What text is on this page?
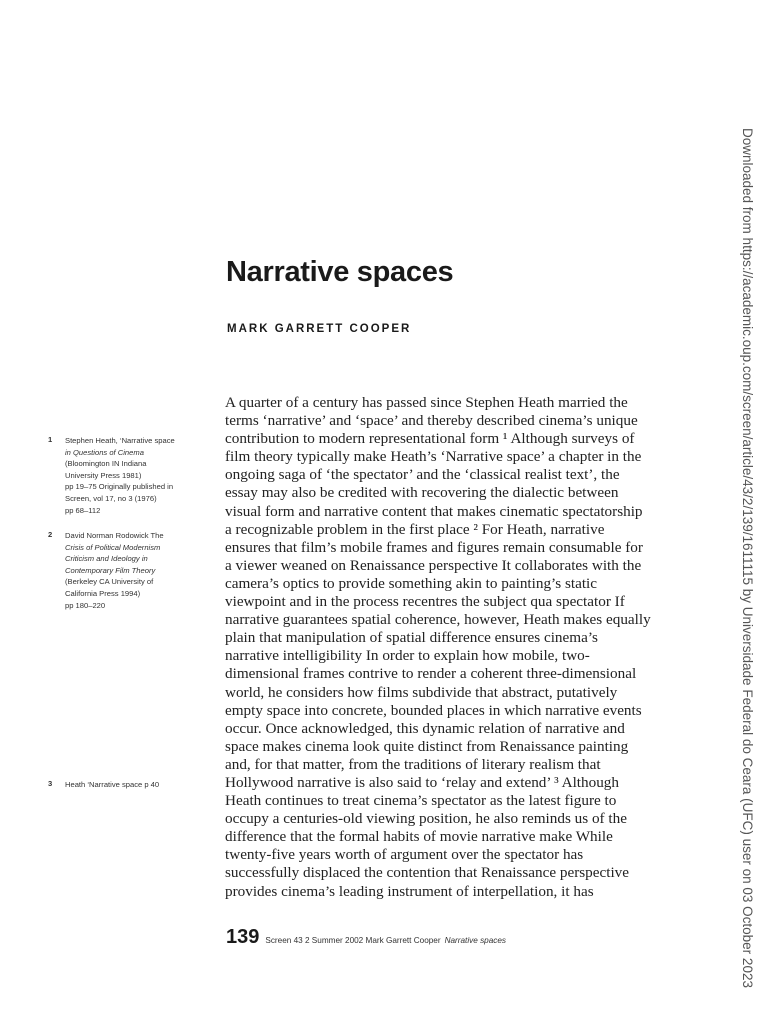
Narrative spaces
MARK GARRETT COOPER
A quarter of a century has passed since Stephen Heath married the
terms ‘narrative’ and ‘space’ and thereby described cinema’s unique
contribution to modern representational form ¹ Although surveys of
film theory typically make Heath’s ‘Narrative space’ a chapter in the
ongoing saga of ‘the spectator’ and the ‘classical realist text’, the
essay may also be credited with recovering the dialectic between
visual form and narrative content that makes cinematic spectatorship
a recognizable problem in the first place ² For Heath, narrative
ensures that film’s mobile frames and figures remain consumable for
a viewer weaned on Renaissance perspective It collaborates with the
camera’s optics to provide something akin to painting’s static
viewpoint and in the process recentres the subject qua spectator If
narrative guarantees spatial coherence, however, Heath makes equally
plain that manipulation of spatial difference ensures cinema’s
narrative intelligibility In order to explain how mobile, two-
dimensional frames contrive to render a coherent three-dimensional
world, he considers how films subdivide that abstract, putatively
empty space into concrete, bounded places in which narrative events
occur. Once acknowledged, this dynamic relation of narrative and
space makes cinema look quite distinct from Renaissance painting
and, for that matter, from the traditions of literary realism that
Hollywood narrative is also said to ‘relay and extend’ ³ Although
Heath continues to treat cinema’s spectator as the latest figure to
occupy a centuries-old viewing position, he also reminds us of the
difference that the formal habits of movie narrative make While
twenty-five years worth of argument over the spectator has
successfully displaced the contention that Renaissance perspective
provides cinema’s leading instrument of interpellation, it has
1 Stephen Heath, ‘Narrative space
in Questions of Cinema
(Bloomington IN Indiana
University Press 1981)
pp 19–75 Originally published in
Screen, vol 17, no 3 (1976)
pp 68–112
2 David Norman Rodowick The
Crisis of Political Modernism
Criticism and Ideology in
Contemporary Film Theory
(Berkeley CA University of
California Press 1994)
pp 180–220
3 Heath ‘Narrative space p 40
139 Screen 43 2 Summer 2002 Mark Garrett Cooper Narrative spaces	Downloaded from https://academic.oup.com/screen/article/43/2/139/1611115 by Universidade Federal do Ceara (UFC) user on 03 October 2023
